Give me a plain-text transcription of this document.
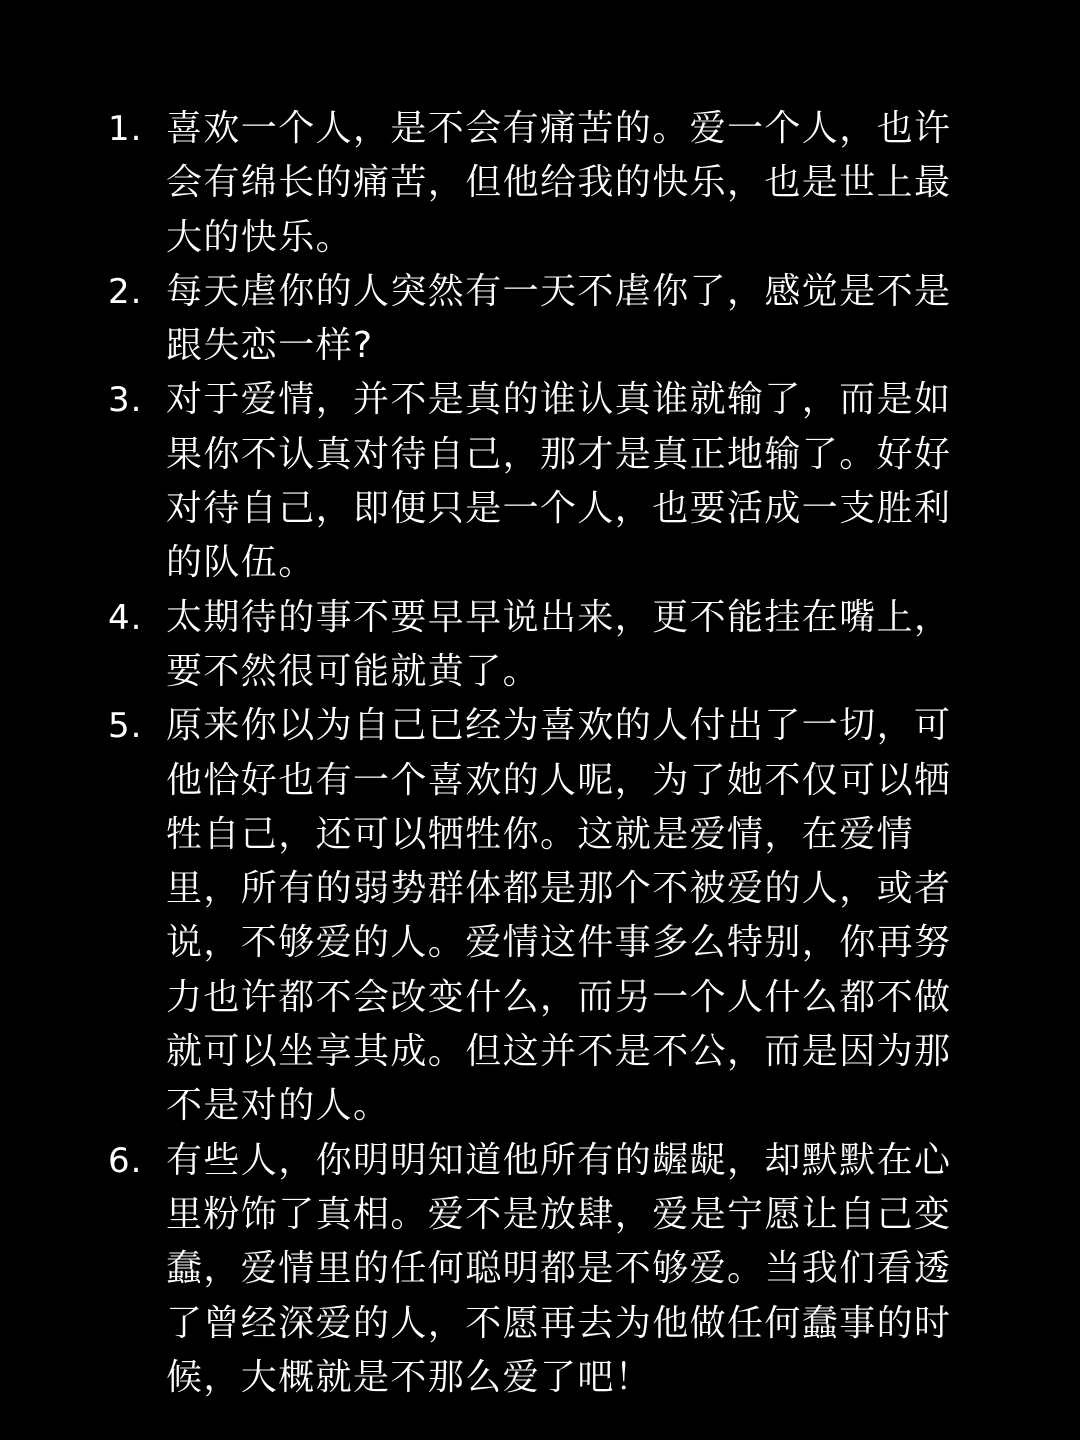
1. 喜欢一个人，是不会有痛苦的。爱一个人，也许会有绵长的痛苦，但他给我的快乐，也是世上最大的快乐。
2. 每天虐你的人突然有一天不虐你了，感觉是不是跟失恋一样?
3. 对于爱情，并不是真的谁认真谁就输了，而是如果你不认真对待自己，那才是真正地输了。好好对待自己，即便只是一个人，也要活成一支胜利的队伍。
4. 太期待的事不要早早说出来，更不能挂在嘴上，要不然很可能就黄了。
5. 原来你以为自己已经为喜欢的人付出了一切，可他恰好也有一个喜欢的人呢，为了她不仅可以牺牲自己，还可以牺牲你。这就是爱情，在爱情里，所有的弱势群体都是那个不被爱的人，或者说，不够爱的人。爱情这件事多么特别，你再努力也许都不会改变什么，而另一个人什么都不做就可以坐享其成。但这并不是不公，而是因为那不是对的人。
6. 有些人，你明明知道他所有的龌龊，却默默在心里粉饰了真相。爱不是放肆，爱是宁愿让自己变蠢，爱情里的任何聪明都是不够爱。当我们看透了曾经深爱的人，不愿再去为他做任何蠢事的时候，大概就是不那么爱了吧！
